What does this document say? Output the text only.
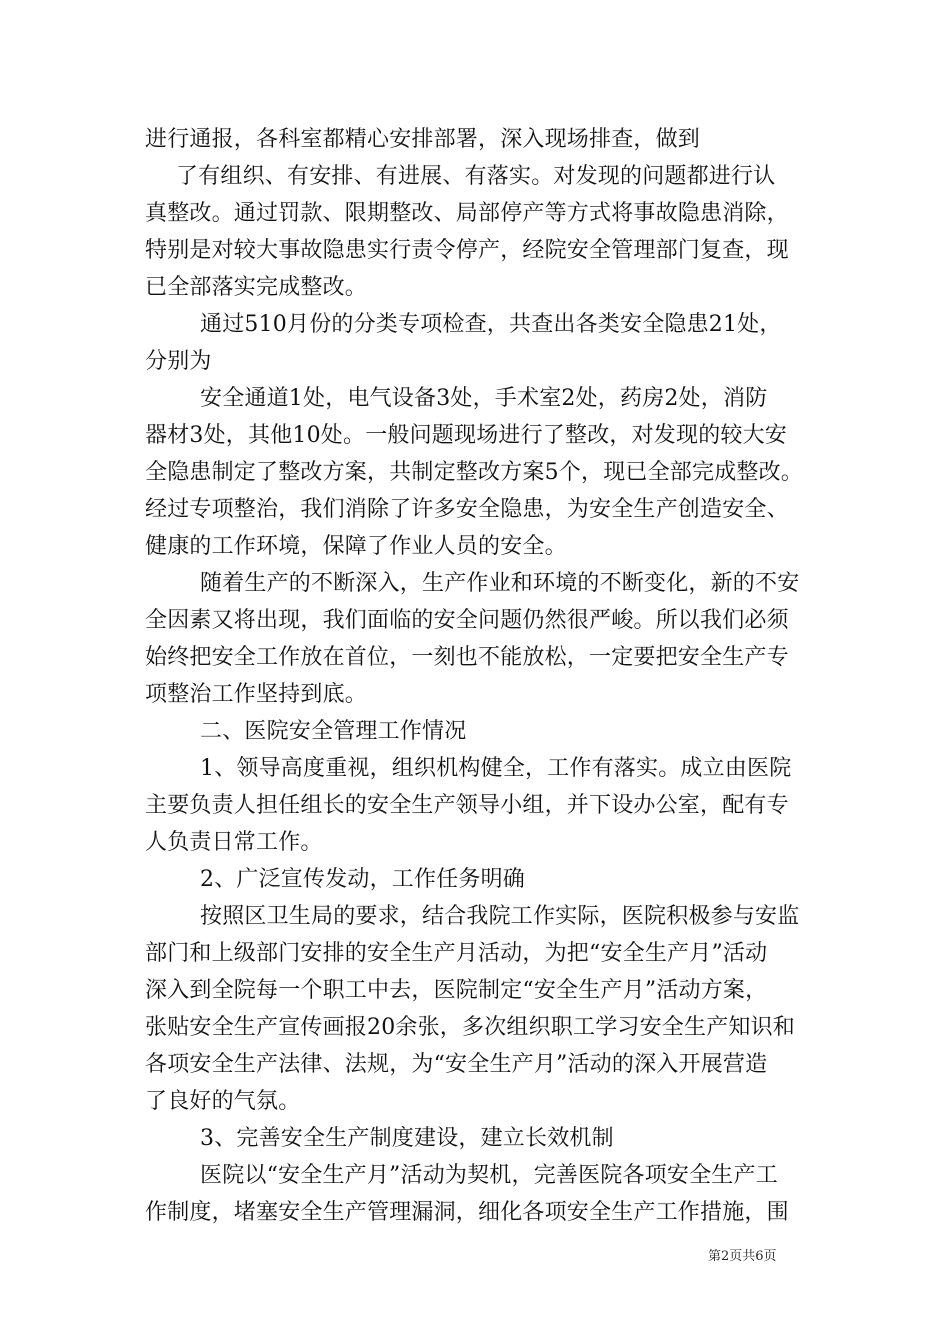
进行通报，各科室都精心安排部署，深入现场排查，做到
了有组织、有安排、有进展、有落实。对发现的问题都进行认
真整改。通过罚款、限期整改、局部停产等方式将事故隐患消除，
特别是对较大事故隐患实行责令停产，经院安全管理部门复查，现
已全部落实完成整改。
通过510月份的分类专项检查，共查出各类安全隐患21处，
分别为
安全通道1处，电气设备3处，手术室2处，药房2处，消防
器材3处，其他10处。一般问题现场进行了整改，对发现的较大安
全隐患制定了整改方案，共制定整改方案5个，现已全部完成整改。
经过专项整治，我们消除了许多安全隐患，为安全生产创造安全、
健康的工作环境，保障了作业人员的安全。
随着生产的不断深入，生产作业和环境的不断变化，新的不安
全因素又将出现，我们面临的安全问题仍然很严峻。所以我们必须
始终把安全工作放在首位，一刻也不能放松，一定要把安全生产专
项整治工作坚持到底。
二、医院安全管理工作情况
1、领导高度重视，组织机构健全，工作有落实。成立由医院
主要负责人担任组长的安全生产领导小组，并下设办公室，配有专
人负责日常工作。
2、广泛宣传发动，工作任务明确
按照区卫生局的要求，结合我院工作实际，医院积极参与安监
部门和上级部门安排的安全生产月活动，为把“安全生产月”活动
深入到全院每一个职工中去，医院制定“安全生产月”活动方案，
张贴安全生产宣传画报20余张，多次组织职工学习安全生产知识和
各项安全生产法律、法规，为“安全生产月”活动的深入开展营造
了良好的气氛。
3、完善安全生产制度建设，建立长效机制
医院以“安全生产月”活动为契机，完善医院各项安全生产工
作制度，堵塞安全生产管理漏洞，细化各项安全生产工作措施，围
第2页共6页
